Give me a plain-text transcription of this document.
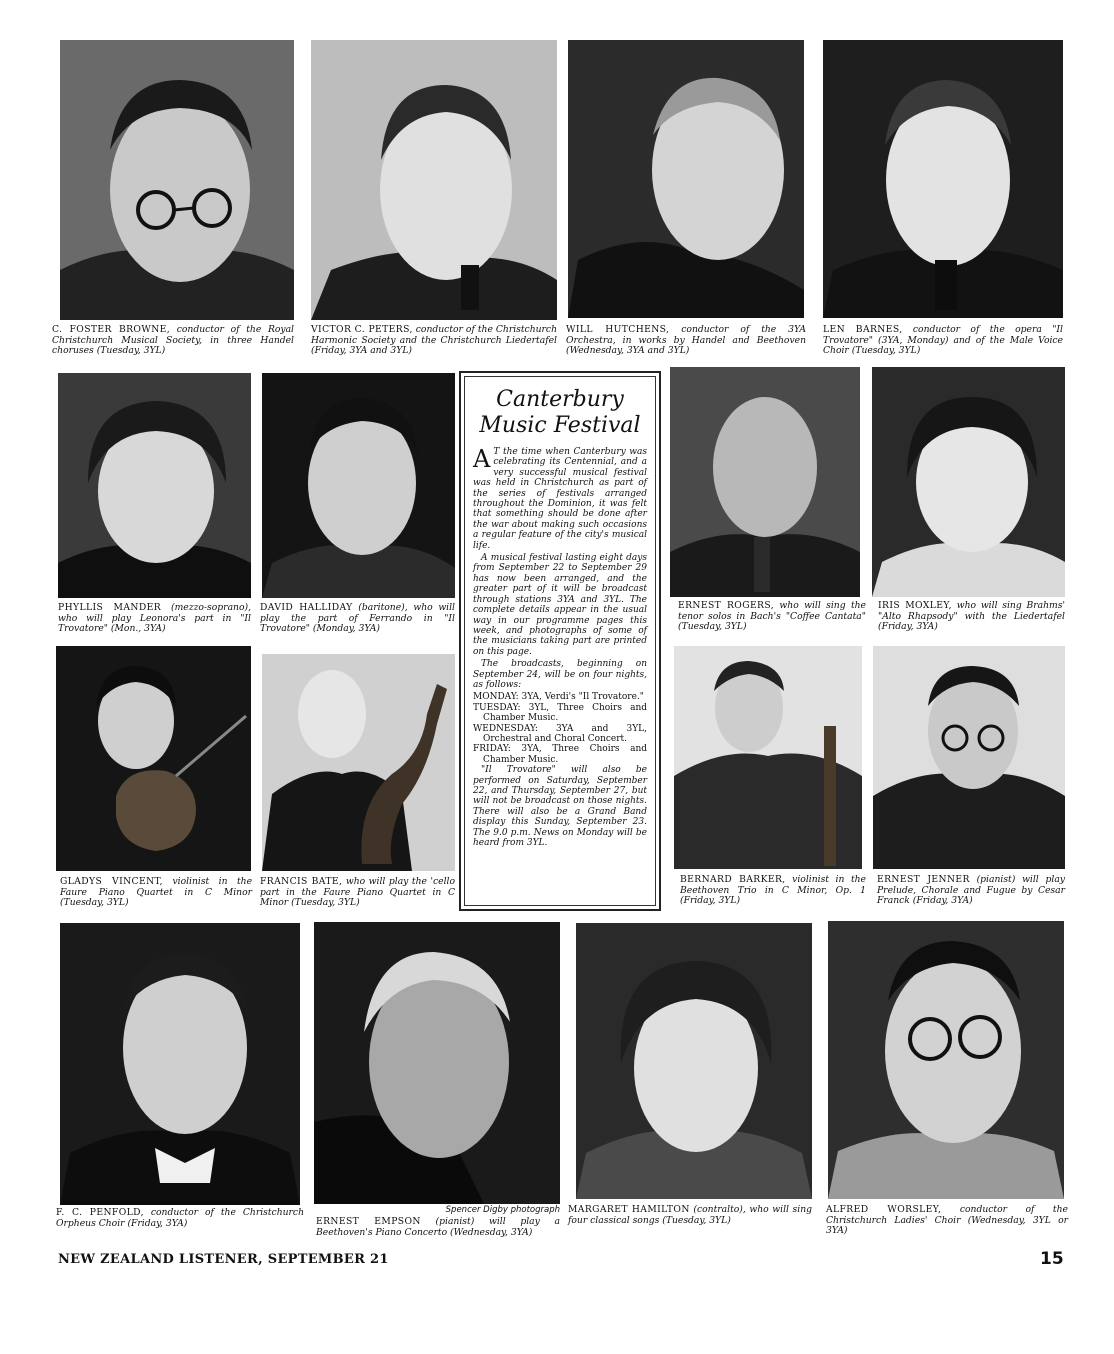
C. FOSTER BROWNE, conductor of the Royal Christchurch Musical Society, in three Handel choruses (Tuesday, 3YL)
VICTOR C. PETERS, conductor of the Christchurch Harmonic Society and the Christchurch Liedertafel (Friday, 3YA and 3YL)
WILL HUTCHENS, conductor of the 3YA Orchestra, in works by Handel and Beethoven (Wednesday, 3YA and 3YL)
LEN BARNES, conductor of the opera "Il Trovatore" (3YA, Monday) and of the Male Voice Choir (Tuesday, 3YL)
PHYLLIS MANDER (mezzo-soprano), who will play Leonora's part in "Il Trovatore" (Mon., 3YA)
DAVID HALLIDAY (baritone), who will play the part of Ferrando in "Il Trovatore" (Monday, 3YA)
ERNEST ROGERS, who will sing the tenor solos in Bach's "Coffee Cantata" (Tuesday, 3YL)
IRIS MOXLEY, who will sing Brahms' "Alto Rhapsody" with the Liedertafel (Friday, 3YA)
GLADYS VINCENT, violinist in the Faure Piano Quartet in C Minor (Tuesday, 3YL)
FRANCIS BATE, who will play the 'cello part in the Faure Piano Quartet in C Minor (Tuesday, 3YL)
BERNARD BARKER, violinist in the Beethoven Trio in C Minor, Op. 1 (Friday, 3YL)
ERNEST JENNER (pianist) will play Prelude, Chorale and Fugue by Cesar Franck (Friday, 3YA)
F. C. PENFOLD, conductor of the Christchurch Orpheus Choir (Friday, 3YA)
Spencer Digby photograph
ERNEST EMPSON (pianist) will play a Beethoven's Piano Concerto (Wednesday, 3YA)
MARGARET HAMILTON (contralto), who will sing four classical songs (Tuesday, 3YL)
ALFRED WORSLEY, conductor of the Christchurch Ladies' Choir (Wednesday, 3YL or 3YA)
Canterbury
Music Festival

A T the time when Canterbury was celebrating its Centennial, and a very successful musical festival was held in Christchurch as part of the series of festivals arranged throughout the Dominion, it was felt that something should be done after the war about making such occasions a regular feature of the city's musical life.

A musical festival lasting eight days from September 22 to September 29 has now been arranged, and the greater part of it will be broadcast through stations 3YA and 3YL. The complete details appear in the usual way in our programme pages this week, and photographs of some of the musicians taking part are printed on this page.

The broadcasts, beginning on September 24, will be on four nights, as follows:

MONDAY: 3YA, Verdi's "Il Trovatore."
TUESDAY: 3YL, Three Choirs and Chamber Music.
WEDNESDAY: 3YA and 3YL, Orchestral and Choral Concert.
FRIDAY: 3YA, Three Choirs and Chamber Music.

"Il Trovatore" will also be performed on Saturday, September 22, and Thursday, September 27, but will not be broadcast on those nights. There will also be a Grand Band display this Sunday, September 23. The 9.0 p.m. News on Monday will be heard from 3YL.

NEW ZEALAND LISTENER, SEPTEMBER 21	15
